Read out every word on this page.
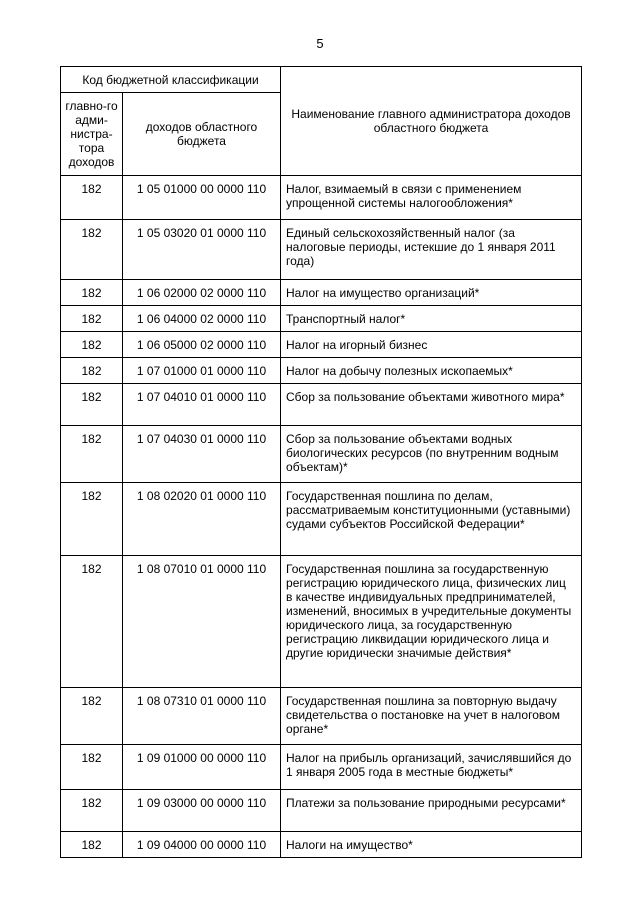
5
Код бюджетной классификации		Наименование главного администратора доходов областного бюджета
главно-го адми-нистра-тора доходов	доходов областного бюджета	
182	1 05 01000 00 0000 110	Налог, взимаемый в связи с применением упрощенной системы налогообложения*
182	1 05 03020 01 0000 110	Единый сельскохозяйственный налог (за налоговые периоды, истекшие до 1 января 2011 года)
182	1 06 02000 02 0000 110	Налог на имущество организаций*
182	1 06 04000 02 0000 110	Транспортный налог*
182	1 06 05000 02 0000 110	Налог на игорный бизнес
182	1 07 01000 01 0000 110	Налог на добычу полезных ископаемых*
182	1 07 04010 01 0000 110	Сбор за пользование объектами животного мира*
182	1 07 04030 01 0000 110	Сбор за пользование объектами водных биологических ресурсов (по внутренним водным объектам)*
182	1 08 02020 01 0000 110	Государственная пошлина по делам, рассматриваемым конституционными (уставными) судами субъектов Российской Федерации*
182	1 08 07010 01 0000 110	Государственная пошлина за государственную регистрацию юридического лица, физических лиц в качестве индивидуальных предпринимателей, изменений, вносимых в учредительные документы юридического лица, за государственную регистрацию ликвидации юридического лица и другие юридически значимые действия*
182	1 08 07310 01 0000 110	Государственная пошлина за повторную выдачу свидетельства о постановке на учет в налоговом органе*
182	1 09 01000 00 0000 110	Налог на прибыль организаций, зачислявшийся до 1 января 2005 года в местные бюджеты*
182	1 09 03000 00 0000 110	Платежи за пользование природными ресурсами*
182	1 09 04000 00 0000 110	Налоги на имущество*
